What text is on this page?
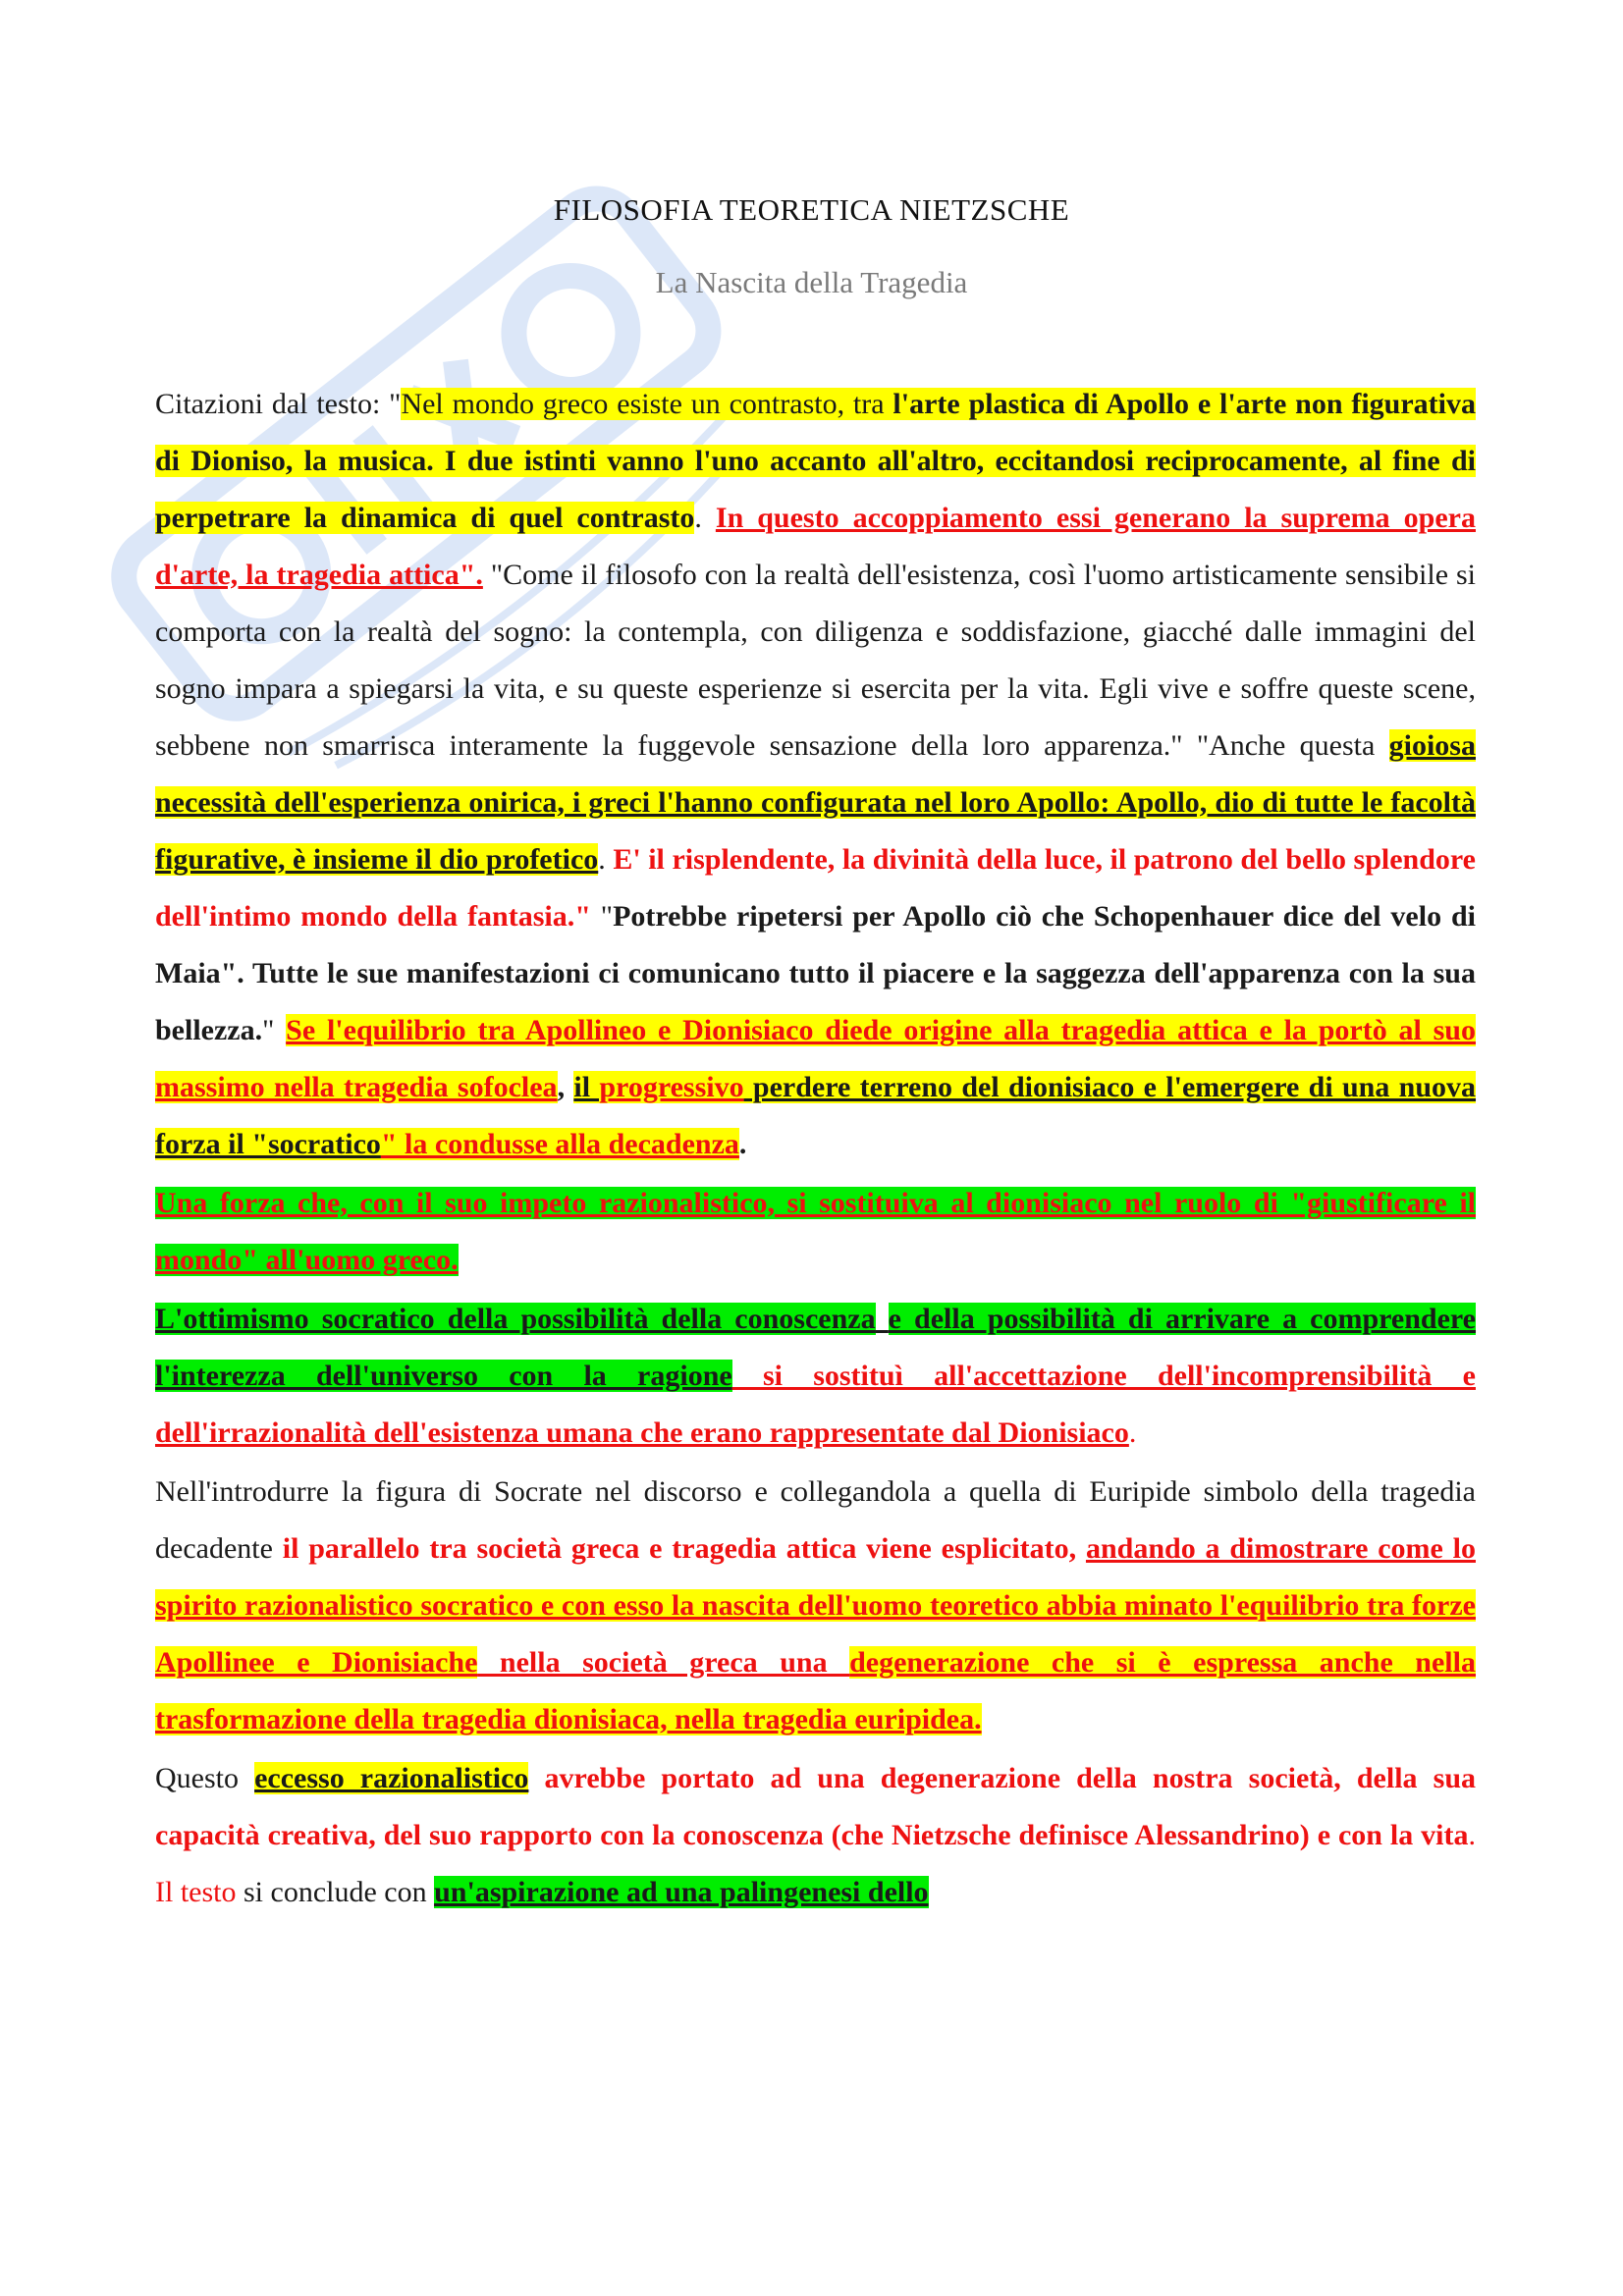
FILOSOFIA TEORETICA NIETZSCHE
La Nascita della Tragedia

Citazioni dal testo: "Nel mondo greco esiste un contrasto, tra l'arte plastica di Apollo e l'arte non figurativa di Dioniso, la musica. I due istinti vanno l'uno accanto all'altro, eccitandosi reciprocamente, al fine di perpetrare la dinamica di quel contrasto. In questo accoppiamento essi generano la suprema opera d'arte, la tragedia attica". "Come il filosofo con la realtà dell'esistenza, così l'uomo artisticamente sensibile si comporta con la realtà del sogno: la contempla, con diligenza e soddisfazione, giacché dalle immagini del sogno impara a spiegarsi la vita, e su queste esperienze si esercita per la vita. Egli vive e soffre queste scene, sebbene non smarrisca interamente la fuggevole sensazione della loro apparenza." "Anche questa gioiosa necessità dell'esperienza onirica, i greci l'hanno configurata nel loro Apollo: Apollo, dio di tutte le facoltà figurative, è insieme il dio profetico. E' il risplendente, la divinità della luce, il patrono del bello splendore dell'intimo mondo della fantasia." "Potrebbe ripetersi per Apollo ciò che Schopenhauer dice del velo di Maia". Tutte le sue manifestazioni ci comunicano tutto il piacere e la saggezza dell'apparenza con la sua bellezza." Se l'equilibrio tra Apollineo e Dionisiaco diede origine alla tragedia attica e la portò al suo massimo nella tragedia sofoclea, il progressivo perdere terreno del dionisiaco e l'emergere di una nuova forza il "socratico" la condusse alla decadenza.

Una forza che, con il suo impeto razionalistico, si sostituiva al dionisiaco nel ruolo di "giustificare il mondo" all'uomo greco.

L'ottimismo socratico della possibilità della conoscenza e della possibilità di arrivare a comprendere l'interezza dell'universo con la ragione si sostituì all'accettazione dell'incomprensibilità e dell'irrazionalità dell'esistenza umana che erano rappresentate dal Dionisiaco.

Nell'introdurre la figura di Socrate nel discorso e collegandola a quella di Euripide simbolo della tragedia decadente il parallelo tra società greca e tragedia attica viene esplicitato, andando a dimostrare come lo spirito razionalistico socratico e con esso la nascita dell'uomo teoretico abbia minato l'equilibrio tra forze Apollinee e Dionisiache nella società greca una degenerazione che si è espressa anche nella trasformazione della tragedia dionisiaca, nella tragedia euripidea.

Questo eccesso razionalistico avrebbe portato ad una degenerazione della nostra società, della sua capacità creativa, del suo rapporto con la conoscenza (che Nietzsche definisce Alessandrino) e con la vita. Il testo si conclude con un'aspirazione ad una palingenesi dello
